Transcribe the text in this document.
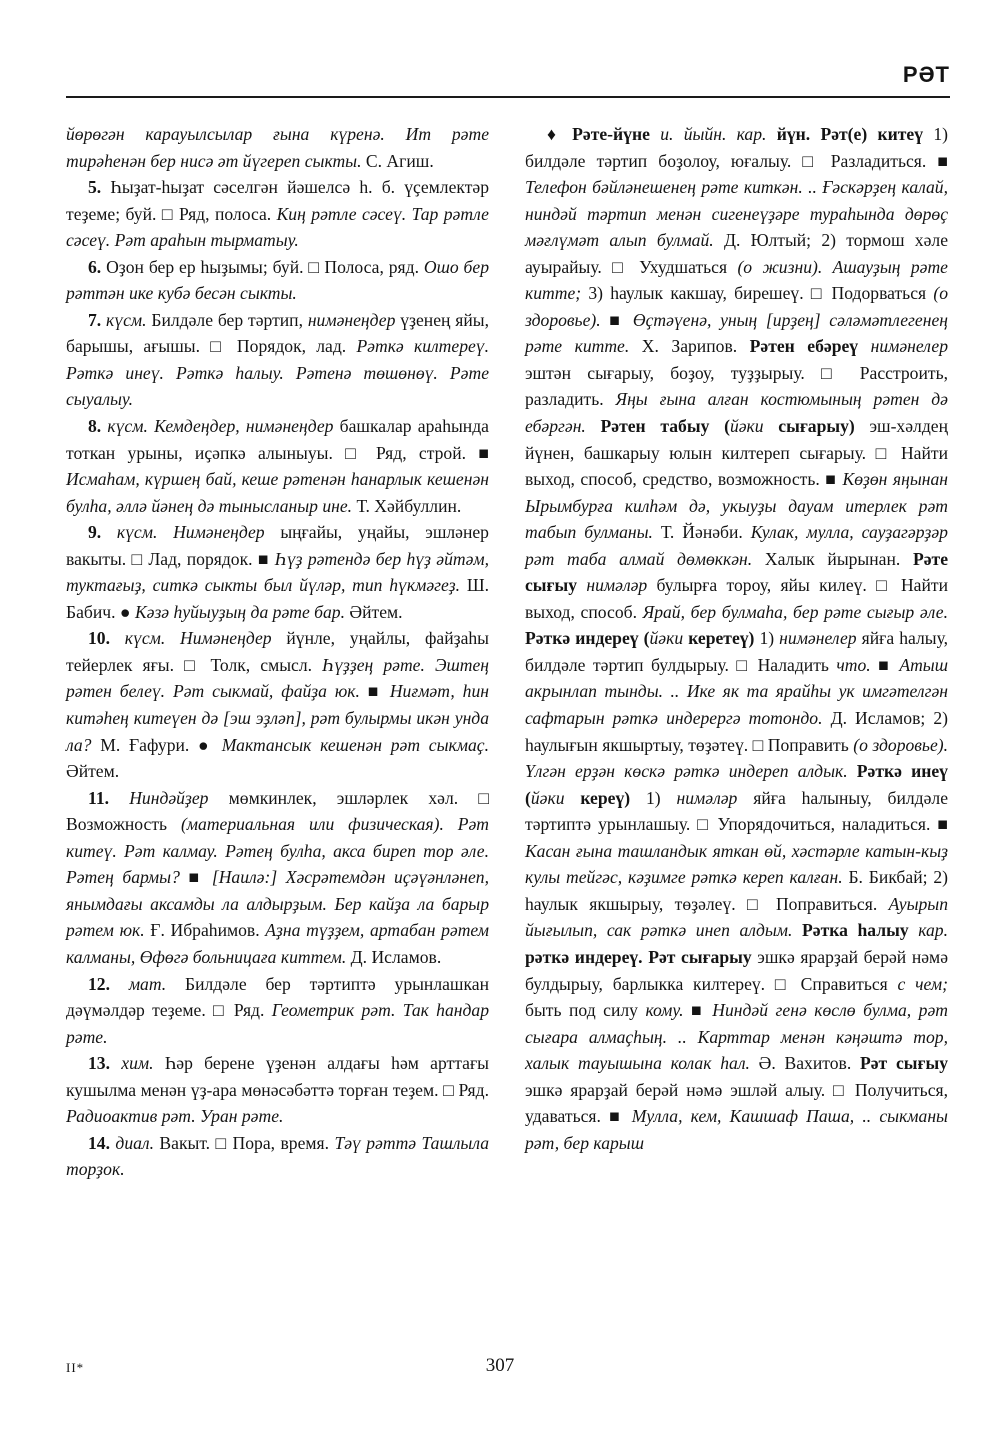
РӘТ

йөрөгән карауылсылар ғына күренә. Ит рәте тирәһенән бер нисә әт йүгереп сыкты. С. Агиш.

5. Һыҙат-һыҙат сәселгән йәшелсә һ. б. үҫемлектәр теҙеме; буй. □ Ряд, полоса. Киң рәтле сәсеү. Тар рәтле сәсеү. Рәт араһын тырматыу.

6. Оҙон бер ер һыҙымы; буй. □ Полоса, ряд. Ошо бер рәттән ике кубә бесән сыкты.

7. күсм. Билдәле бер тәртип, нимәнеңдер үҙенең яйы, барышы, ағышы. □ Порядок, лад. Рәткә килтереү. Рәткә инеү. Рәткә һалыу. Рәтенә төшөнөү. Рәте сыуалыу.

8. күсм. Кемдеңдер, нимәнеңдер башкалар араһында тоткан урыны, иҫәпкә алыныуы. □ Ряд, строй. ■ Исмаһам, күршең бай, кеше рәтенән һанарлык кешенән булһа, әллә йәнең дә тынысланыр ине. Т. Хәйбуллин.

9. күсм. Нимәнеңдер ыңғайы, уңайы, эшләнер вакыты. □ Лад, порядок. ■ Һүҙ рәтендә бер һүҙ әйтәм, туктағыҙ, ситкә сыкты был йүләр, тип һүкмәгеҙ. Ш. Бабич. ● Кәзә һуйыуҙың да рәте бар. Әйтем.

10. күсм. Нимәнеңдер йүнле, уңайлы, файҙаһы тейерлек яғы. □ Толк, смысл. Һүҙҙең рәте. Эштең рәтен белеү. Рәт сыкмай, файҙа юк. ■ Ниғмәт, һин китәһең китеүен дә [эш эҙләп], рәт булырмы икән унда ла? М. Ғафури. ● Мактансык кешенән рәт сыкмаҫ. Әйтем.

11. Ниндәйҙер мөмкинлек, эшләрлек хәл. □ Возможность (материальная или физическая). Рәт китеү. Рәт калмау. Рәтең булһа, акса биреп тор әле. Рәтең бармы? ■ [Наилә:] Хәсрәтемдән иҫәүәнләнеп, янымдағы аксамды ла алдырҙым. Бер кайҙа ла барыр рәтем юк. Ғ. Ибраһимов. Аҙна түҙҙем, артабан рәтем калманы, Өфөгә больницаға киттем. Д. Исламов.

12. мат. Билдәле бер тәртиптә урынлашкан дәүмәлдәр теҙеме. □ Ряд. Геометрик рәт. Так һандар рәте.

13. хим. Һәр берене үҙенән алдағы һәм арттағы кушылма менән үҙ-ара мөнәсәбәттә торған теҙем. □ Ряд. Радиоактив рәт. Уран рәте.

14. диал. Вакыт. □ Пора, время. Тәү рәттә Ташлыла торҙок.

♦ Рәте-йүне и. йыйн. кар. йүн. Рәт(е) китеү 1) билдәле тәртип боҙолоу, юғалыу. □ Разладиться. ■ Телефон бәйләнешенең рәте киткән. .. Ғәскәрҙең калай, ниндәй тәртип менән сигенеүҙәре тураһында дөрөҫ мәғлүмәт алып булмай. Д. Юлтый; 2) тормош хәле ауырайыу. □ Ухудшаться (о жизни). Ашауҙың рәте китте; 3) һаулык какшау, бирешеү. □ Подорваться (о здоровье). ■ Өҫтәүенә, уның [ирҙең] сәләмәтлегенең рәте китте. Х. Зарипов. Рәтен ебәреү нимәнелер эштән сығарыу, боҙоу, туҙҙырыу. □ Расстроить, разладить. Яңы ғына алған костюмының рәтен дә ебәргән. Рәтен табыу (йәки сығарыу) эш-хәлдең йүнен, башкарыу юлын килтереп сығарыу. □ Найти выход, способ, средство, возможность. ■ Көҙөн яңынан Ырымбурға килһәм дә, укыуҙы дауам итерлек рәт табып булманы. Т. Йәнәби. Кулак, мулла, сауҙагәрҙәр рәт таба алмай дөмөккән. Халык йырынан. Рәте сығыу нимәләр булырға тороу, яйы килеү. □ Найти выход, способ. Ярай, бер булмаһа, бер рәте сығыр әле. Рәткә индереү (йәки керетеү) 1) нимәнелер яйға һалыу, билдәле тәртип булдырыу. □ Наладить что. ■ Атыш акрынлап тынды. .. Ике як та ярайһы ук имгәтелгән сафтарын рәткә индерергә тотондо. Д. Исламов; 2) һаулығын якшыртыу, төҙәтеү. □ Поправить (о здоровье). Үлгән ерҙән көскә рәткә индереп алдык. Рәткә инеү (йәки кереү) 1) нимәләр яйға һалыныу, билдәле тәртиптә урынлашыу. □ Упорядочиться, наладиться. ■ Касан ғына ташландык яткан өй, хәстәрле катын-кыҙ кулы тейгәс, кәҙимге рәткә кереп калған. Б. Бикбай; 2) һаулык якшырыу, төҙәлеү. □ Поправиться. Ауырып йығылып, сак рәткә инеп алдым. Рәтка һалыу кар. рәткә индереү. Рәт сығарыу эшкә ярарҙай берәй нәмә булдырыу, барлыкка килтереү. □ Справиться с чем; быть под силу кому. ■ Ниндәй генә көслө булма, рәт сығара алмаҫһың. .. Карттар менән кәңәштә тор, халык тауышына колак һал. Ә. Вахитов. Рәт сығыу эшкә ярарҙай берәй нәмә эшләй алыу. □ Получиться, удаваться. ■ Мулла, кем, Кашшаф Паша, .. сыкманы рәт, бер карыш

II*	307
